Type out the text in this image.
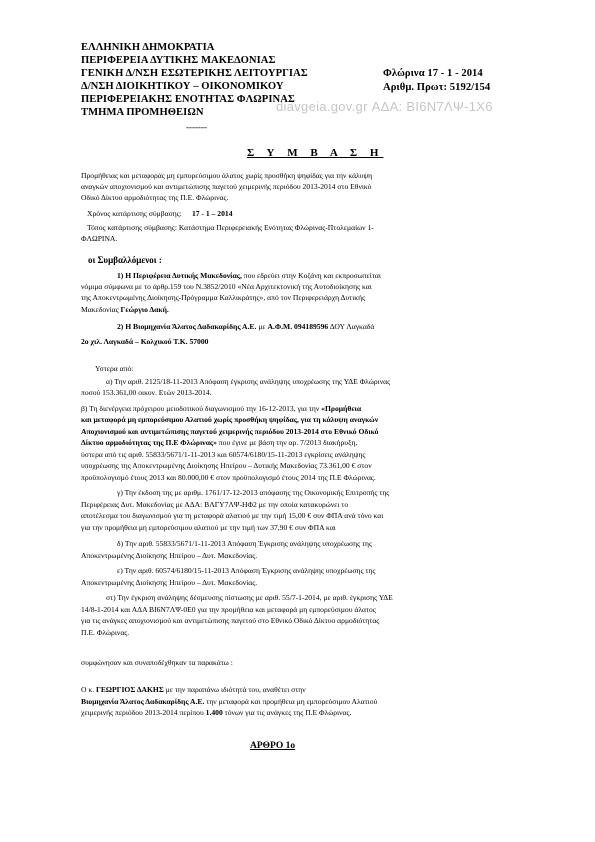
ΕΛΛΗΝΙΚΗ ΔΗΜΟΚΡΑΤΙΑ
ΠΕΡΙΦΕΡΕΙΑ ΔΥΤΙΚΗΣ ΜΑΚΕΔΟΝΙΑΣ
ΓΕΝΙΚΗ Δ/ΝΣΗ ΕΣΩΤΕΡΙΚΗΣ ΛΕΙΤΟΥΡΓΙΑΣ
Δ/ΝΣΗ ΔΙΟΙΚΗΤΙΚΟΥ – ΟΙΚΟΝΟΜΙΚΟΥ
ΠΕΡΙΦΕΡΕΙΑΚΗΣ ΕΝΟΤΗΤΑΣ ΦΛΩΡΙΝΑΣ
ΤΜΗΜΑ ΠΡΟΜΗΘΕΙΩΝ
-------
Φλώρινα 17 - 1 - 2014
Αριθμ. Πρωτ: 5192/154
Σ Υ Μ Β Α Σ Η
diavgeia.gov.gr ΑΔΑ: ΒΙ6Ν7ΛΨ-1Χ6
Προμήθειας και μεταφοράς μη εμπορεύσιμου άλατος χωρίς προσθήκη ψηφίδας για την κάλυψη
αναγκών αποχιονισμού και αντιμετώπισης παγετού χειμερινής περιόδου 2013-2014 στο Εθνικό
Οδικό Δίκτυο αρμοδιότητας της Π.Ε. Φλώρινας.
Χρόνος κατάρτισης σύμβασης: 17 - 1 – 2014
Τόπος κατάρτισης σύμβασης: Κατάστημα Περιφερειακής Ενότητας Φλώρινας-Πτολεμαίων 1-
ΦΛΩΡΙΝΑ.
οι Συμβαλλόμενοι :
1) Η Περιφέρεια Δυτικής Μακεδονίας, που εδρεύει στην Κοζάνη και εκπροσωπείται
νόμιμα σύμφωνα με το άρθρ.159 του Ν.3852/2010 «Νέα Αρχιτεκτονική της Αυτοδιοίκησης και
της Αποκεντρωμένης Διοίκησης-Πρόγραμμα Καλλικράτης», από τον Περιφερειάρχη Δυτικής
Μακεδονίας Γεώργιο Δακή.
2) Η Βιομηχανία Άλατος Δαδακαρίδης Α.Ε. με Α.Φ.Μ. 094189596 ΔΟΥ Λαγκαδά
2ο χιλ. Λαγκαδά – Κολχικού Τ.Κ. 57000
Υστερα από:
α) Την αριθ. 2125/18-11-2013 Απόφαση έγκρισης ανάληψης υποχρέωσης της ΥΔΕ Φλώρινας
ποσού 153.361,00 οικον. Ετών 2013-2014.
β) Τη διενέργεια πρόχειρου μειοδοτικού διαγωνισμού την 16-12-2013, για την «Προμήθεια
και μεταφορά μη εμπορεύσιμου Αλατιού χωρίς προσθήκη ψηφίδας, για τη κάλυψη αναγκών
Αποχιονισμού και αντιμετώπισης παγετού χειμερινής περιόδου 2013-2014 στο Εθνικό Οδικό
Δίκτυο αρμοδιότητας της Π.Ε Φλώρινας» που έγινε με βάση την αρ. 7/2013 διακήρυξη,
ύστερα από τις αριθ. 55833/5671/1-11-2013 και 60574/6180/15-11-2013 εγκρίσεις ανάληψης
υποχρέωσης της Αποκεντρωμένης Διοίκησης Ηπείρου – Δυτικής Μακεδονίας 73.361,00 € στον
προϋπολογισμό έτους 2013 και 80.000,00 € στον προϋπολογισμό έτους 2014 της Π.Ε Φλώρινας.
γ) Την έκδοση της με αριθμ. 1761/17-12-2013 απόφασης της Οικονομικής Επιτροπής της
Περιφέρειας Δυτ. Μακεδονίας με ΑΔΑ: ΒΛΓΥ7ΛΨ-ΗΦ2 με την οποία κατακυρώνει το
αποτέλεσμα του διαγωνισμού για τη μεταφορά αλατιού με την τιμή 15,00 € συν ΦΠΑ ανά τόνο και
για την προμήθεια μη εμπορεύσιμου αλατιού με την τιμή των 37,90 € συν ΦΠΑ και
δ) Την αριθ. 55833/5671/1-11-2013 Απόφαση Έγκρισης ανάληψης υποχρέωσης της
Αποκεντρωμένης Διοίκησης Ηπείρου – Δυτ. Μακεδονίας.
ε) Την αριθ. 60574/6180/15-11-2013 Απόφαση Έγκρισης ανάληψης υποχρέωσης της
Αποκεντρωμένης Διοίκησης Ηπείρου – Δυτ. Μακεδονίας.
στ) Την έγκριση ανάληψης δέσμευσης πίστωσης με αριθ. 55/7-1-2014, με αριθ. έγκρισης ΥΔΕ
14/8-1-2014 και ΑΔΑ ΒΙ6Ν7ΛΨ-0Ε0 για την προμήθεια και μεταφορά μη εμπορεύσιμου άλατος
για τις ανάγκες αποχιονισμού και αντιμετώπισης παγετού στο Εθνικό Οδικό Δίκτυο αρμοδιότητας
Π.Ε. Φλώρινας.
συμφώνησαν και συναποδέχθηκαν τα παρακάτω :
Ο κ. ΓΕΩΡΓΙΟΣ ΔΑΚΗΣ με την παραπάνω ιδιότητά του, αναθέτει στην
Βιομηχανία Άλατος Δαδακαρίδης Α.Ε. την μεταφορά και προμήθεια μη εμπορεύσιμου Αλατιού
χειμερινής περιόδου 2013-2014 περίπου 1.400 τόνων για τις ανάγκες της Π.Ε Φλώρινας.
ΑΡΘΡΟ 1ο
